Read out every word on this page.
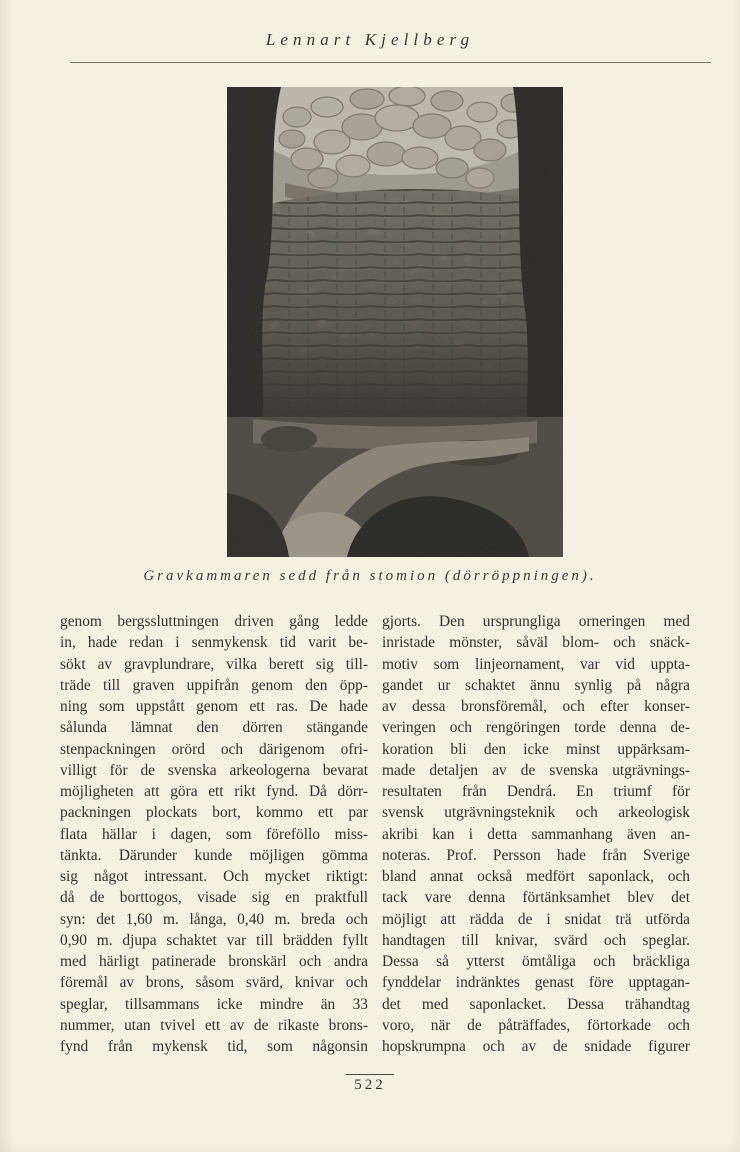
Lennart Kjellberg
Gravkammaren sedd från stomion (dörröppningen).
genom bergssluttningen driven gång ledde
in, hade redan i senmykensk tid varit be-
sökt av gravplundrare, vilka berett sig till-
träde till graven uppifrån genom den öpp-
ning som uppstått genom ett ras. De hade
sålunda lämnat den dörren stängande
stenpackningen orörd och därigenom ofri-
villigt för de svenska arkeologerna bevarat
möjligheten att göra ett rikt fynd. Då dörr-
packningen plockats bort, kommo ett par
flata hällar i dagen, som föreföllo miss-
tänkta. Därunder kunde möjligen gömma
sig något intressant. Och mycket riktigt:
då de borttogos, visade sig en praktfull
syn: det 1,60 m. långa, 0,40 m. breda och
0,90 m. djupa schaktet var till brädden fyllt
med härligt patinerade bronskärl och andra
föremål av brons, såsom svärd, knivar och
speglar, tillsammans icke mindre än 33
nummer, utan tvivel ett av de rikaste brons-
fynd från mykensk tid, som någonsin
gjorts. Den ursprungliga orneringen med
inristade mönster, såväl blom- och snäck-
motiv som linjeornament, var vid uppta-
gandet ur schaktet ännu synlig på några
av dessa bronsföremål, och efter konser-
veringen och rengöringen torde denna de-
koration bli den icke minst uppärksam-
made detaljen av de svenska utgrävnings-
resultaten från Dendrá. En triumf för
svensk utgrävningsteknik och arkeologisk
akribi kan i detta sammanhang även an-
noteras. Prof. Persson hade från Sverige
bland annat också medfört saponlack, och
tack vare denna förtänksamhet blev det
möjligt att rädda de i snidat trä utförda
handtagen till knivar, svärd och speglar.
Dessa så ytterst ömtåliga och bräckliga
fynddelar indränktes genast före upptagan-
det med saponlacket. Dessa trähandtag
voro, när de påträffades, förtorkade och
hopskrumpna och av de snidade figurer
522
